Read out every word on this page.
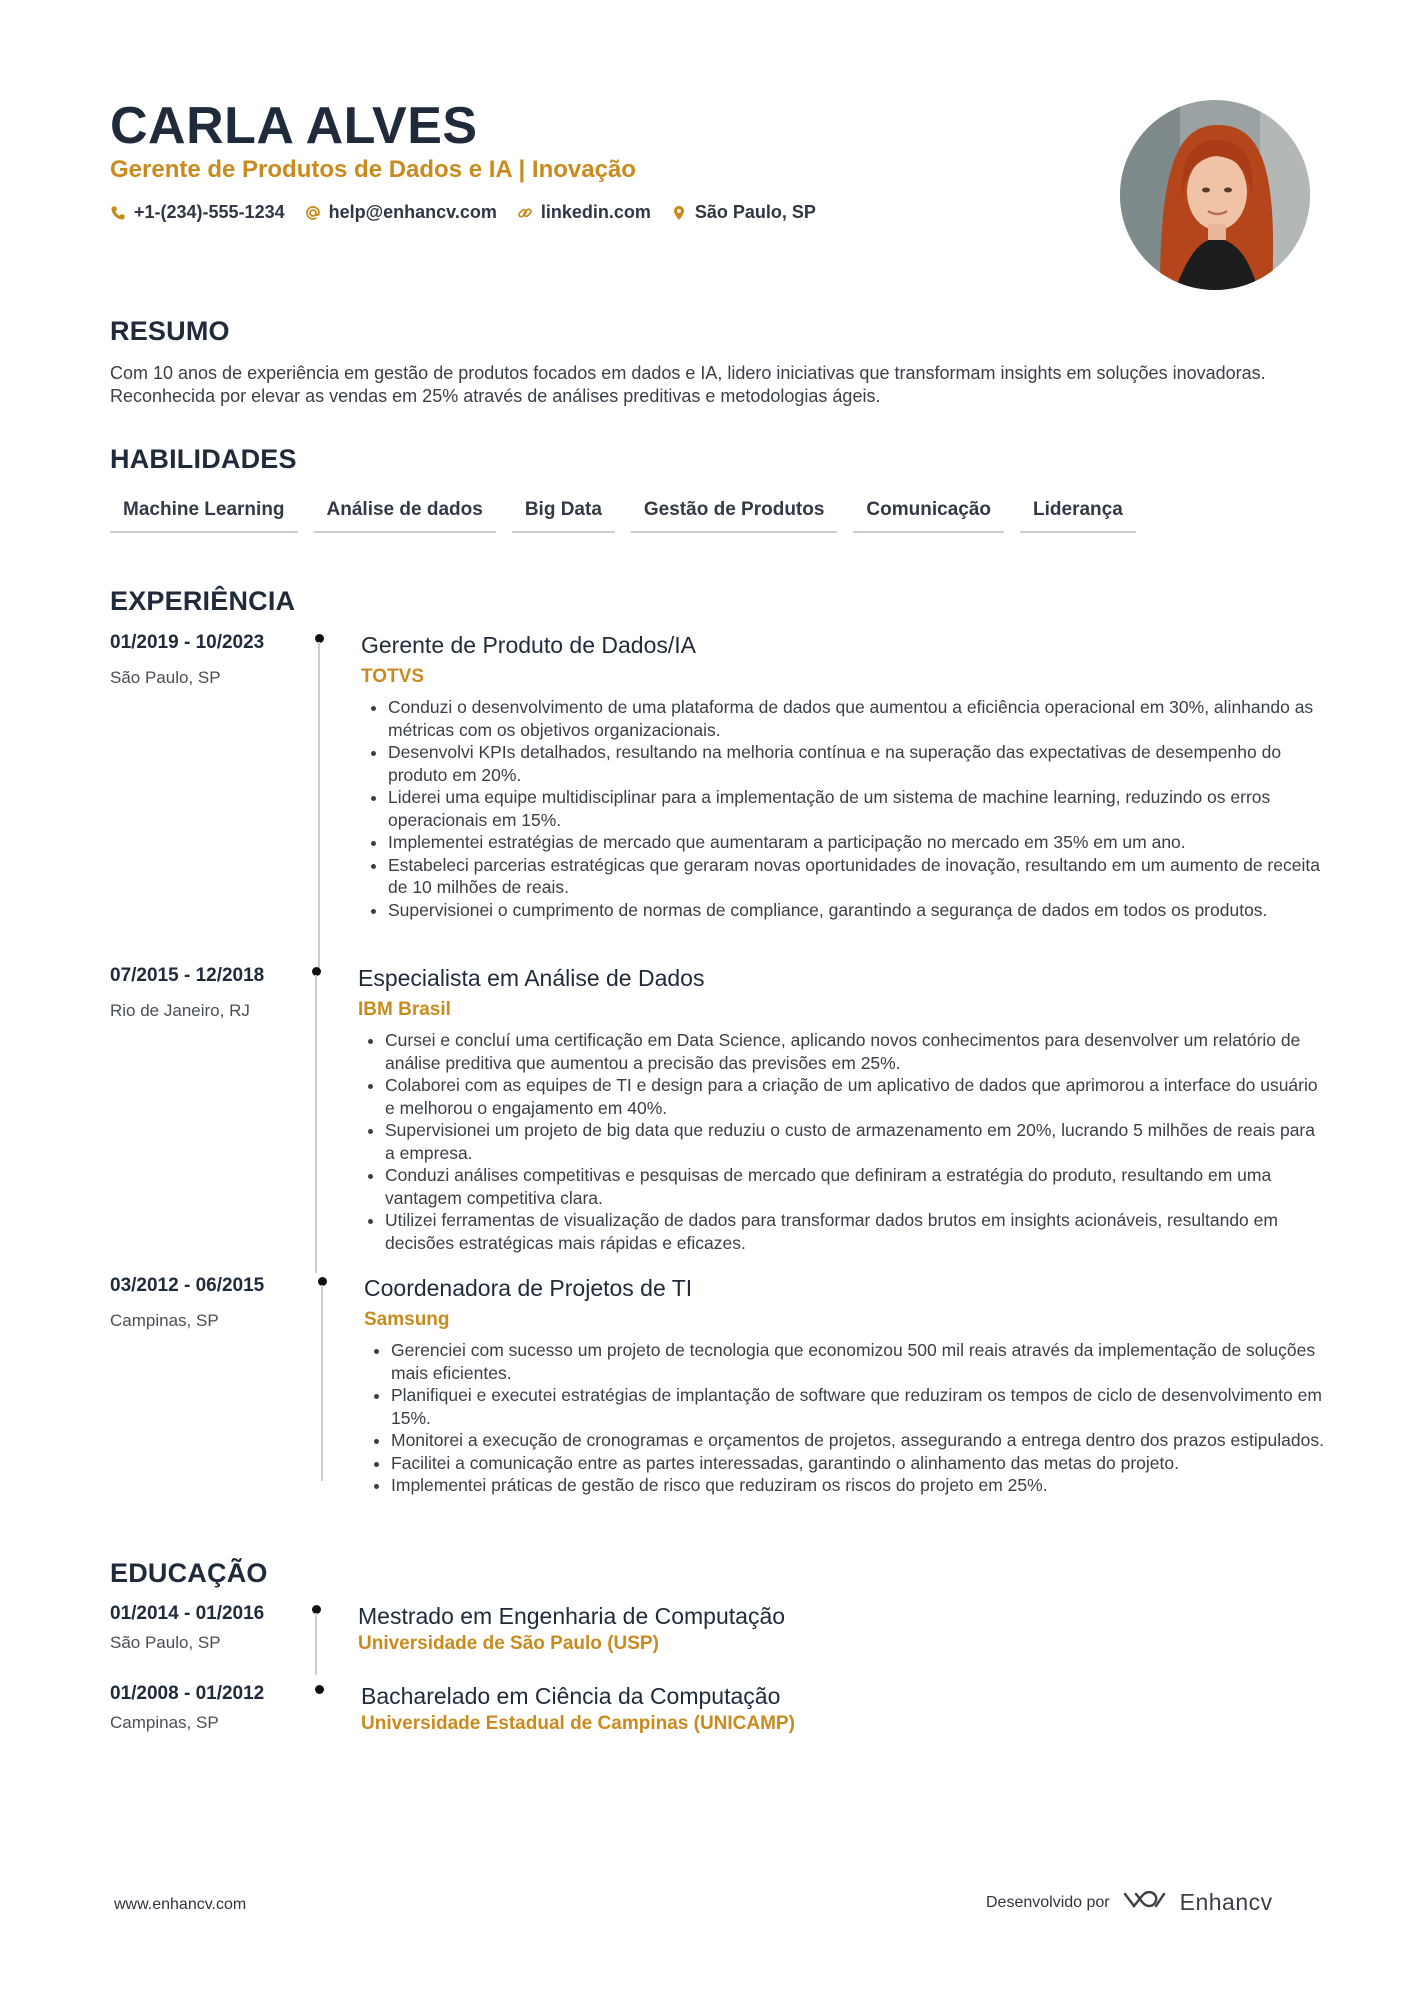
CARLA ALVES
Gerente de Produtos de Dados e IA | Inovação
+1-(234)-555-1234 help@enhancv.com linkedin.com São Paulo, SP
RESUMO
Com 10 anos de experiência em gestão de produtos focados em dados e IA, lidero iniciativas que transformam insights em soluções inovadoras. Reconhecida por elevar as vendas em 25% através de análises preditivas e metodologias ágeis.
HABILIDADES
Machine Learning	Análise de dados	Big Data	Gestão de Produtos	Comunicação	Liderança
EXPERIÊNCIA
01/2019 - 10/2023
São Paulo, SP
Gerente de Produto de Dados/IA
TOTVS
• Conduzi o desenvolvimento de uma plataforma de dados que aumentou a eficiência operacional em 30%, alinhando as métricas com os objetivos organizacionais.
• Desenvolvi KPIs detalhados, resultando na melhoria contínua e na superação das expectativas de desempenho do produto em 20%.
• Liderei uma equipe multidisciplinar para a implementação de um sistema de machine learning, reduzindo os erros operacionais em 15%.
• Implementei estratégias de mercado que aumentaram a participação no mercado em 35% em um ano.
• Estabeleci parcerias estratégicas que geraram novas oportunidades de inovação, resultando em um aumento de receita de 10 milhões de reais.
• Supervisionei o cumprimento de normas de compliance, garantindo a segurança de dados em todos os produtos.
07/2015 - 12/2018
Rio de Janeiro, RJ
Especialista em Análise de Dados
IBM Brasil
• Cursei e concluí uma certificação em Data Science, aplicando novos conhecimentos para desenvolver um relatório de análise preditiva que aumentou a precisão das previsões em 25%.
• Colaborei com as equipes de TI e design para a criação de um aplicativo de dados que aprimorou a interface do usuário e melhorou o engajamento em 40%.
• Supervisionei um projeto de big data que reduziu o custo de armazenamento em 20%, lucrando 5 milhões de reais para a empresa.
• Conduzi análises competitivas e pesquisas de mercado que definiram a estratégia do produto, resultando em uma vantagem competitiva clara.
• Utilizei ferramentas de visualização de dados para transformar dados brutos em insights acionáveis, resultando em decisões estratégicas mais rápidas e eficazes.
03/2012 - 06/2015
Campinas, SP
Coordenadora de Projetos de TI
Samsung
• Gerenciei com sucesso um projeto de tecnologia que economizou 500 mil reais através da implementação de soluções mais eficientes.
• Planifiquei e executei estratégias de implantação de software que reduziram os tempos de ciclo de desenvolvimento em 15%.
• Monitorei a execução de cronogramas e orçamentos de projetos, assegurando a entrega dentro dos prazos estipulados.
• Facilitei a comunicação entre as partes interessadas, garantindo o alinhamento das metas do projeto.
• Implementei práticas de gestão de risco que reduziram os riscos do projeto em 25%.
EDUCAÇÃO
01/2014 - 01/2016
São Paulo, SP
Mestrado em Engenharia de Computação
Universidade de São Paulo (USP)
01/2008 - 01/2012
Campinas, SP
Bacharelado em Ciência da Computação
Universidade Estadual de Campinas (UNICAMP)
www.enhancv.com	Desenvolvido por	Enhancv
